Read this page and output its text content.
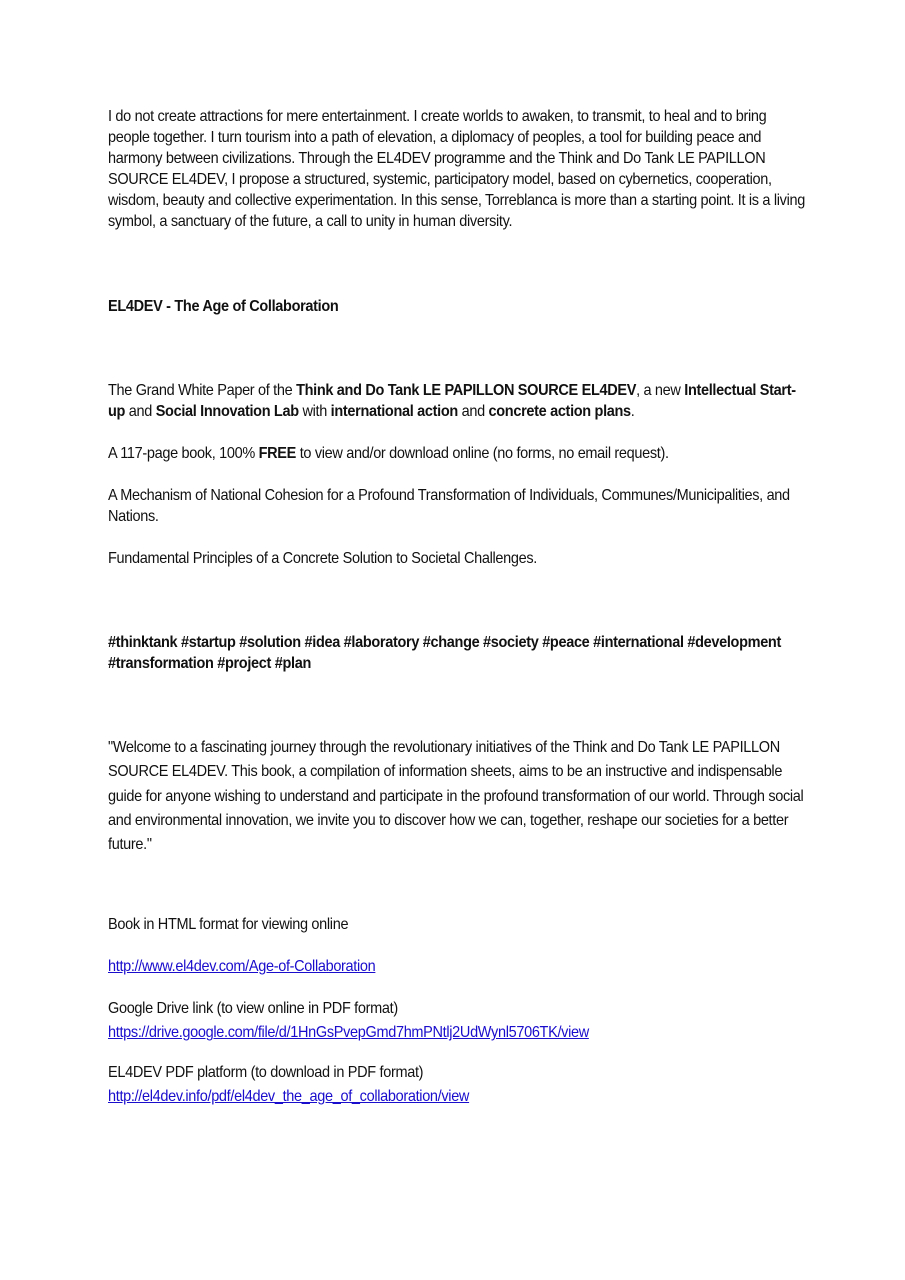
I do not create attractions for mere entertainment. I create worlds to awaken, to transmit, to heal and to bring people together. I turn tourism into a path of elevation, a diplomacy of peoples, a tool for building peace and harmony between civilizations. Through the EL4DEV programme and the Think and Do Tank LE PAPILLON SOURCE EL4DEV, I propose a structured, systemic, participatory model, based on cybernetics, cooperation, wisdom, beauty and collective experimentation. In this sense, Torreblanca is more than a starting point. It is a living symbol, a sanctuary of the future, a call to unity in human diversity.

EL4DEV - The Age of Collaboration

The Grand White Paper of the Think and Do Tank LE PAPILLON SOURCE EL4DEV, a new Intellectual Start-up and Social Innovation Lab with international action and concrete action plans.

A 117-page book, 100% FREE to view and/or download online (no forms, no email request).

A Mechanism of National Cohesion for a Profound Transformation of Individuals, Communes/Municipalities, and Nations.

Fundamental Principles of a Concrete Solution to Societal Challenges.

#thinktank #startup #solution #idea #laboratory #change #society #peace #international #development #transformation #project #plan

"Welcome to a fascinating journey through the revolutionary initiatives of the Think and Do Tank LE PAPILLON SOURCE EL4DEV. This book, a compilation of information sheets, aims to be an instructive and indispensable guide for anyone wishing to understand and participate in the profound transformation of our world. Through social and environmental innovation, we invite you to discover how we can, together, reshape our societies for a better future."

Book in HTML format for viewing online

http://www.el4dev.com/Age-of-Collaboration

Google Drive link (to view online in PDF format)

https://drive.google.com/file/d/1HnGsPvepGmd7hmPNtlj2UdWynl5706TK/view

EL4DEV PDF platform (to download in PDF format)

http://el4dev.info/pdf/el4dev_the_age_of_collaboration/view
